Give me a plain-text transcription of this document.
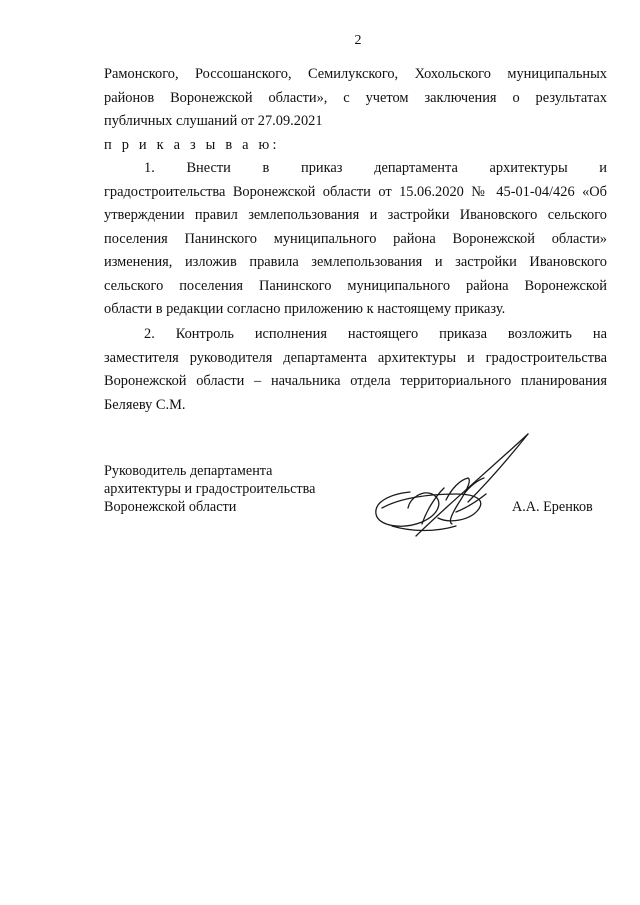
2
Рамонского, Россошанского, Семилукского, Хохольского муниципальных
районов Воронежской области», с учетом заключения о результатах
публичных слушаний от 27.09.2021
п р и к а з ы в а ю:
1. Внести в приказ департамента архитектуры и
градостроительства Воронежской области от 15.06.2020 № 45-01-04/426 «Об
утверждении правил землепользования и застройки Ивановского сельского
поселения Панинского муниципального района Воронежской области»
изменения, изложив правила землепользования и застройки Ивановского
сельского поселения Панинского муниципального района Воронежской
области в редакции согласно приложению к настоящему приказу.
2. Контроль исполнения настоящего приказа возложить на
заместителя руководителя департамента архитектуры и градостроительства
Воронежской области – начальника отдела территориального планирования
Беляеву С.М.
Руководитель департамента
архитектуры и градостроительства
Воронежской области	А.А. Еренков
